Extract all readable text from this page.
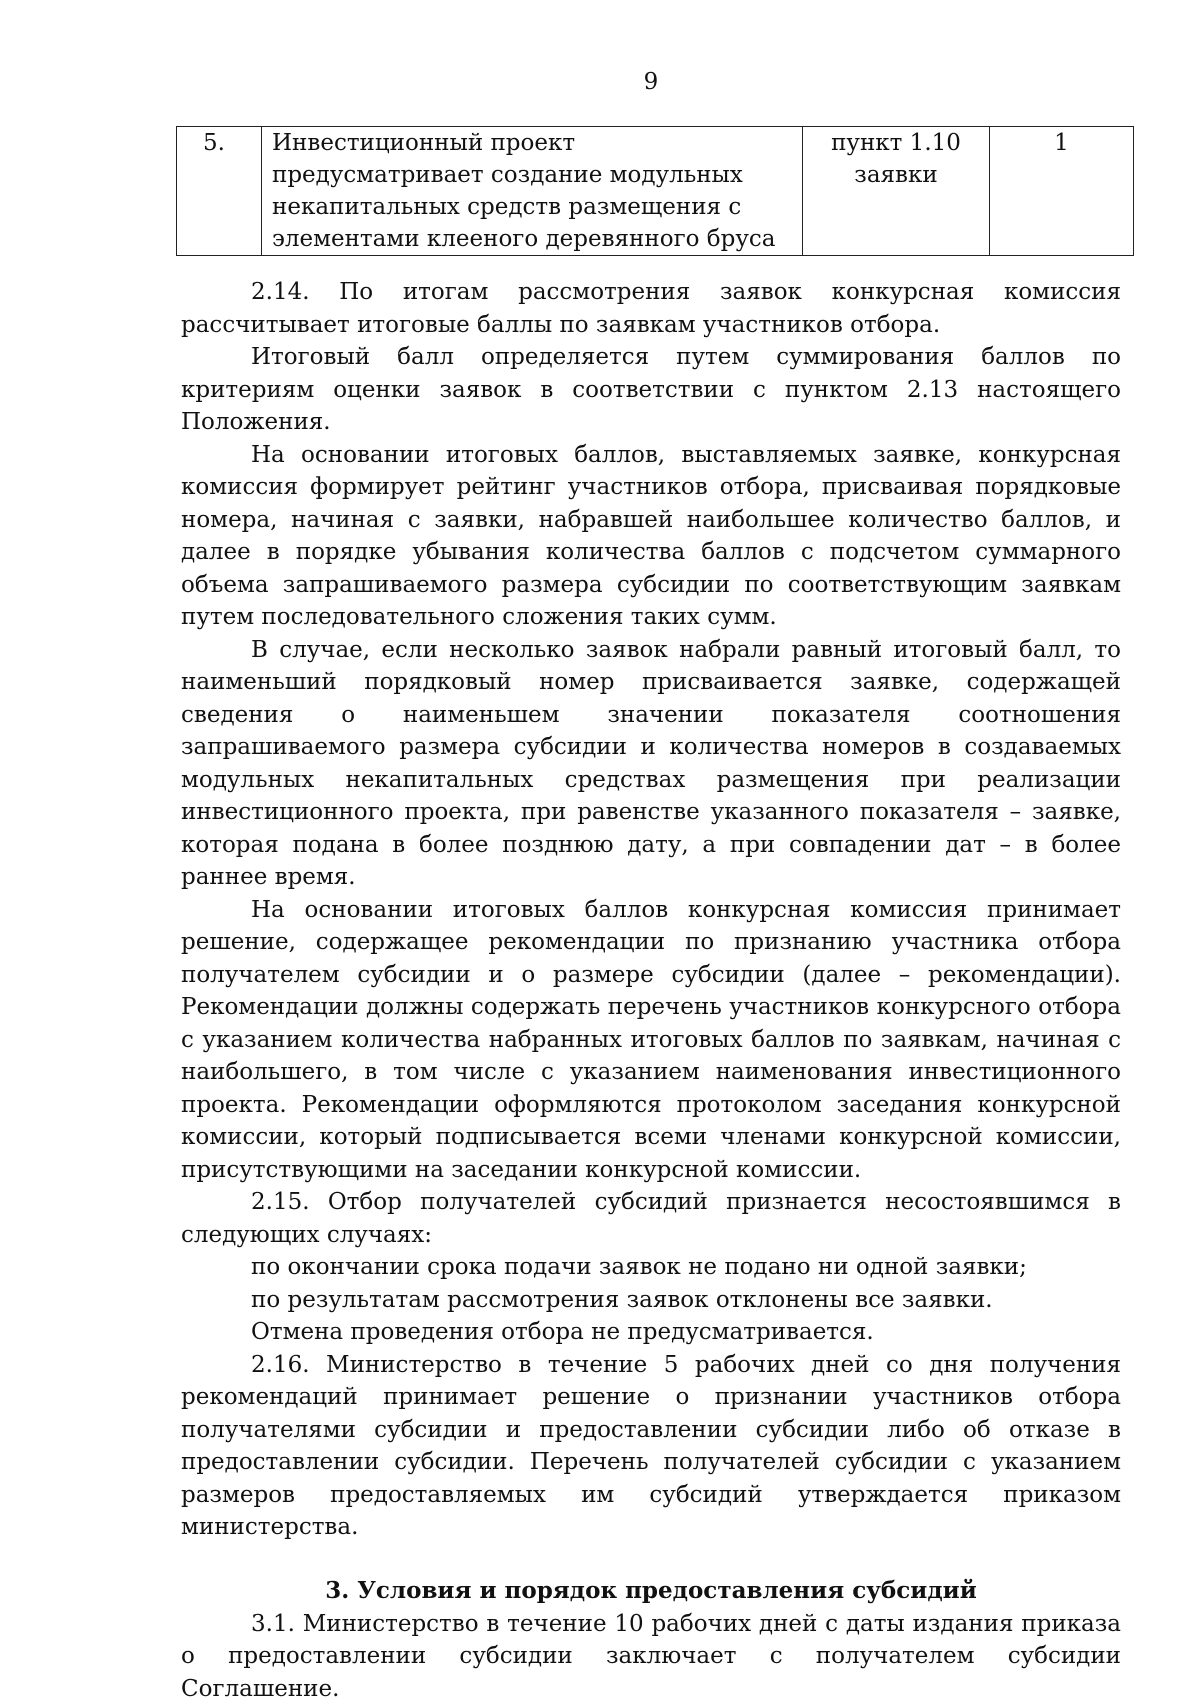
9
5.	Инвестиционный проект предусматривает создание модульных некапитальных средств размещения с элементами клееного деревянного бруса	пункт 1.10 заявки	1

2.14. По итогам рассмотрения заявок конкурсная комиссия рассчитывает итоговые баллы по заявкам участников отбора.

Итоговый балл определяется путем суммирования баллов по критериям оценки заявок в соответствии с пунктом 2.13 настоящего Положения.

На основании итоговых баллов, выставляемых заявке, конкурсная комиссия формирует рейтинг участников отбора, присваивая порядковые номера, начиная с заявки, набравшей наибольшее количество баллов, и далее в порядке убывания количества баллов с подсчетом суммарного объема запрашиваемого размера субсидии по соответствующим заявкам путем последовательного сложения таких сумм.

В случае, если несколько заявок набрали равный итоговый балл, то наименьший порядковый номер присваивается заявке, содержащей сведения о наименьшем значении показателя соотношения запрашиваемого размера субсидии и количества номеров в создаваемых модульных некапитальных средствах размещения при реализации инвестиционного проекта, при равенстве указанного показателя – заявке, которая подана в более позднюю дату, а при совпадении дат – в более раннее время.

На основании итоговых баллов конкурсная комиссия принимает решение, содержащее рекомендации по признанию участника отбора получателем субсидии и о размере субсидии (далее – рекомендации). Рекомендации должны содержать перечень участников конкурсного отбора с указанием количества набранных итоговых баллов по заявкам, начиная с наибольшего, в том числе с указанием наименования инвестиционного проекта. Рекомендации оформляются протоколом заседания конкурсной комиссии, который подписывается всеми членами конкурсной комиссии, присутствующими на заседании конкурсной комиссии.

2.15. Отбор получателей субсидий признается несостоявшимся в следующих случаях:

по окончании срока подачи заявок не подано ни одной заявки;

по результатам рассмотрения заявок отклонены все заявки.

Отмена проведения отбора не предусматривается.

2.16. Министерство в течение 5 рабочих дней со дня получения рекомендаций принимает решение о признании участников отбора получателями субсидии и предоставлении субсидии либо об отказе в предоставлении субсидии. Перечень получателей субсидии с указанием размеров предоставляемых им субсидий утверждается приказом министерства.

3. Условия и порядок предоставления субсидий

3.1. Министерство в течение 10 рабочих дней с даты издания приказа о предоставлении субсидии заключает с получателем субсидии Соглашение.
